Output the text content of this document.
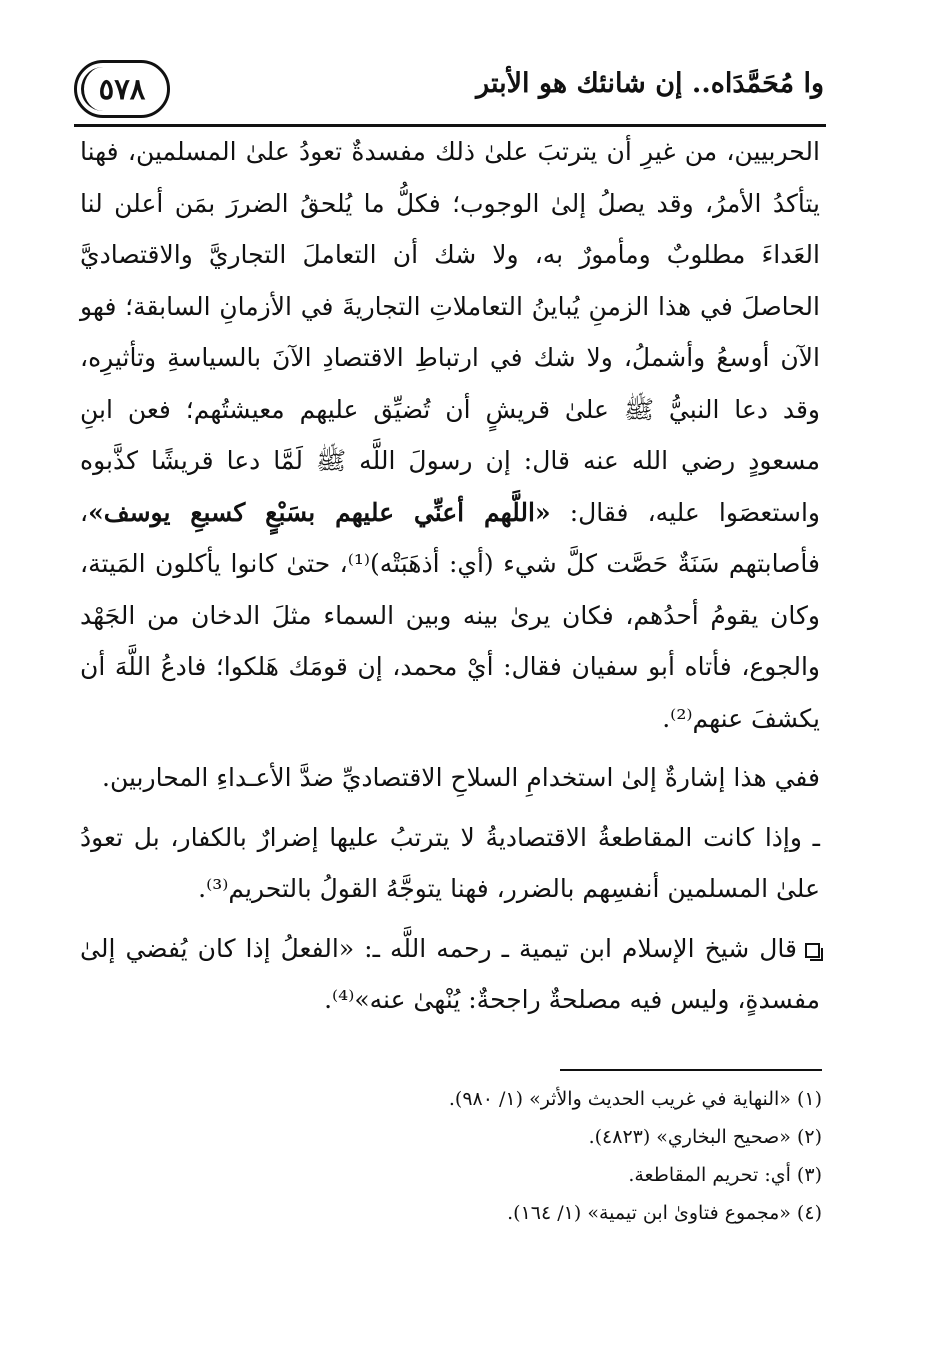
٥٧٨	وا مُحَمَّدَاه.. إن شانئك هو الأبتر

الحربيين، من غيرِ أن يترتبَ علىٰ ذلك مفسدةٌ تعودُ علىٰ المسلمين، فهنا يتأكدُ الأمرُ، وقد يصلُ إلىٰ الوجوب؛ فكلُّ ما يُلحقُ الضررَ بمَن أعلن لنا العَداءَ مطلوبٌ ومأمورٌ به، ولا شك أن التعاملَ التجاريَّ والاقتصاديَّ الحاصلَ في هذا الزمنِ يُباينُ التعاملاتِ التجاريةَ في الأزمانِ السابقة؛ فهو الآن أوسعُ وأشملُ، ولا شك في ارتباطِ الاقتصادِ الآنَ بالسياسةِ وتأثيرِه، وقد دعا النبيُّ ﷺ علىٰ قريشٍ أن تُضيِّق عليهم معيشتُهم؛ فعن ابنِ مسعودٍ رضي الله عنه قال: إن رسولَ اللَّه ﷺ لَمَّا دعا قريشًا كذَّبوه واستعصَوا عليه، فقال: «اللَّهم أعنِّي عليهم بسَبْعٍ كسبعِ يوسف»، فأصابتهم سَنَةٌ حَصَّت كلَّ شيء (أي: أذهَبَتْه)⁽¹⁾، حتىٰ كانوا يأكلون المَيتة، وكان يقومُ أحدُهم، فكان يرىٰ بينه وبين السماء مثلَ الدخان من الجَهْد والجوع، فأتاه أبو سفيان فقال: أيْ محمد، إن قومَك هَلكوا؛ فادعُ اللَّهَ أن يكشفَ عنهم⁽²⁾.

ففي هذا إشارةٌ إلىٰ استخدامِ السلاحِ الاقتصاديِّ ضدَّ الأعـداءِ المحاربين.

ـ وإذا كانت المقاطعةُ الاقتصاديةُ لا يترتبُ عليها إضرارٌ بالكفار، بل تعودُ علىٰ المسلمين أنفسِهم بالضرر، فهنا يتوجَّهُ القولُ بالتحريم⁽³⁾.

قال شيخ الإسلام ابن تيمية ـ رحمه اللَّه ـ: «الفعلُ إذا كان يُفضي إلىٰ مفسدةٍ، وليس فيه مصلحةٌ راجحةٌ: يُنْهىٰ عنه»⁽⁴⁾.

(١) «النهاية في غريب الحديث والأثر» (١/ ٩٨٠).

(٢) «صحيح البخاري» (٤٨٢٣).

(٣) أي: تحريم المقاطعة.

(٤) «مجموع فتاوىٰ ابن تيمية» (١/ ١٦٤).
